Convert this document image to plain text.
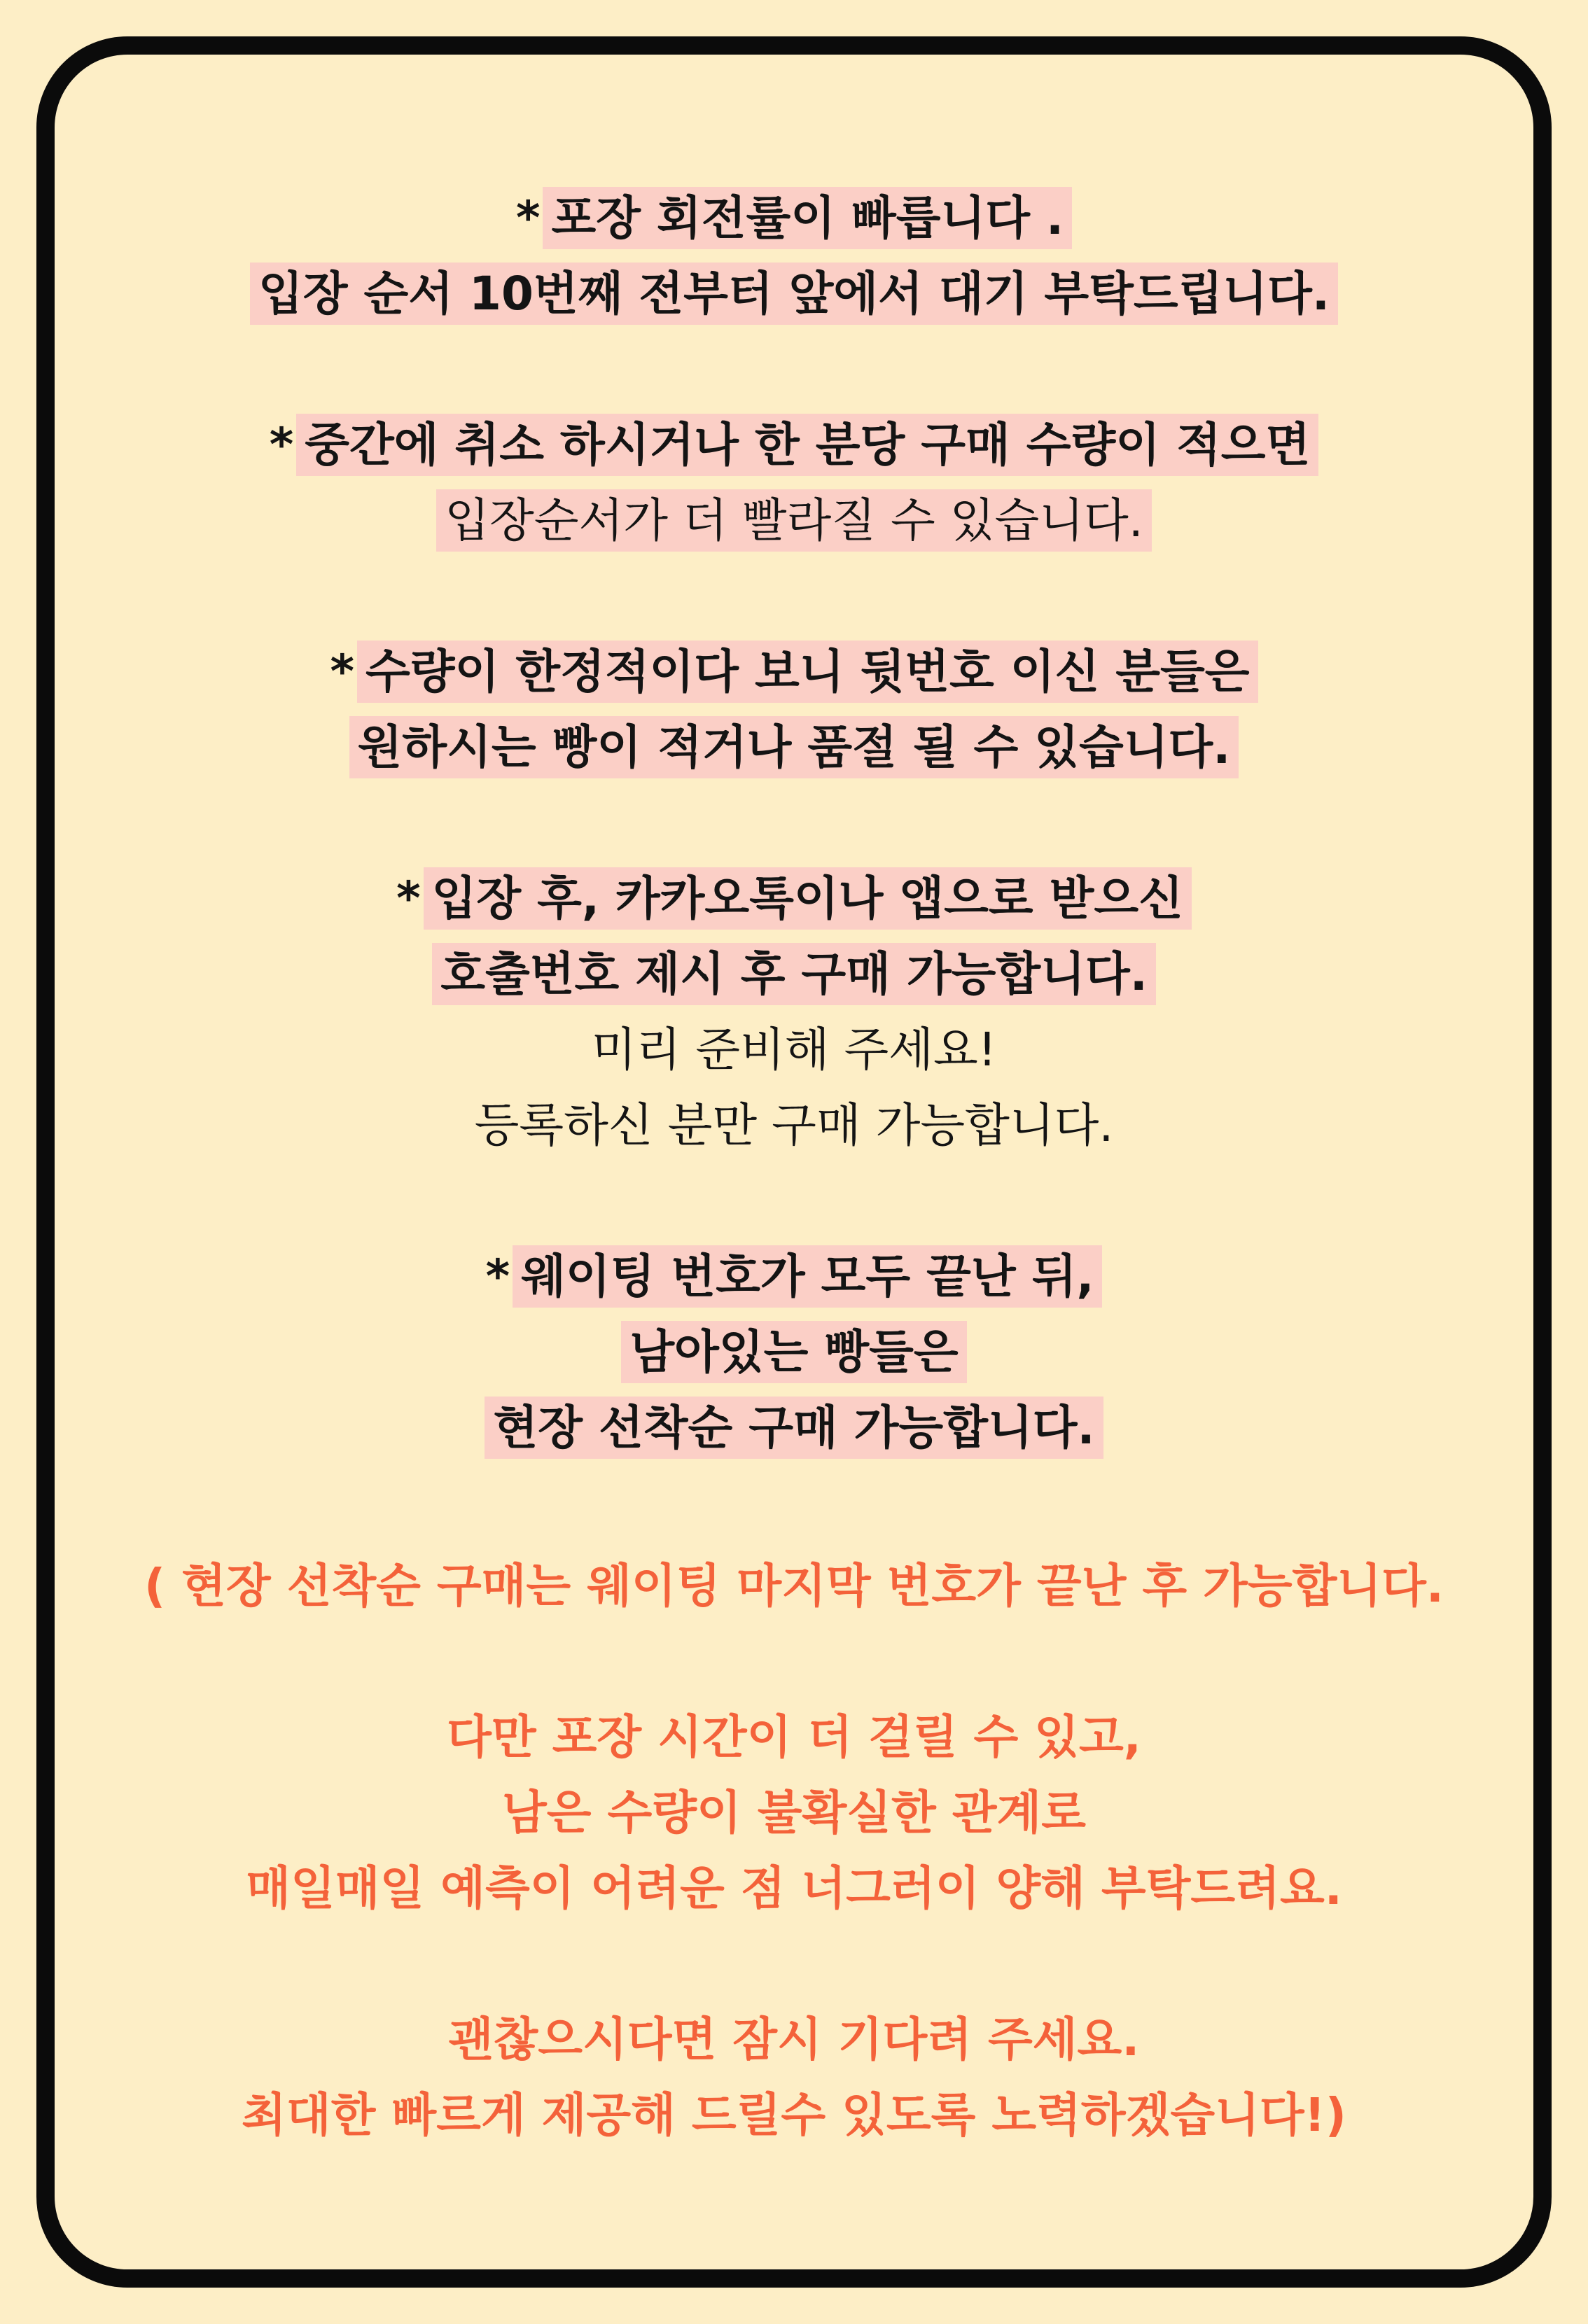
* 포장 회전률이 빠릅니다 .
입장 순서 10번째 전부터 앞에서 대기 부탁드립니다.
* 중간에 취소 하시거나 한 분당 구매 수량이 적으면
입장순서가 더 빨라질 수 있습니다.
* 수량이 한정적이다 보니 뒷번호 이신 분들은
원하시는 빵이 적거나 품절 될 수 있습니다.
* 입장 후, 카카오톡이나 앱으로 받으신
호출번호 제시 후 구매 가능합니다.
미리 준비해 주세요!
등록하신 분만 구매 가능합니다.
* 웨이팅 번호가 모두 끝난 뒤,
남아있는 빵들은
현장 선착순 구매 가능합니다.
( 현장 선착순 구매는 웨이팅 마지막 번호가 끝난 후 가능합니다.
다만 포장 시간이 더 걸릴 수 있고,
남은 수량이 불확실한 관계로
매일매일 예측이 어려운 점 너그러이 양해 부탁드려요.
괜찮으시다면 잠시 기다려 주세요.
최대한 빠르게 제공해 드릴수 있도록 노력하겠습니다!)
